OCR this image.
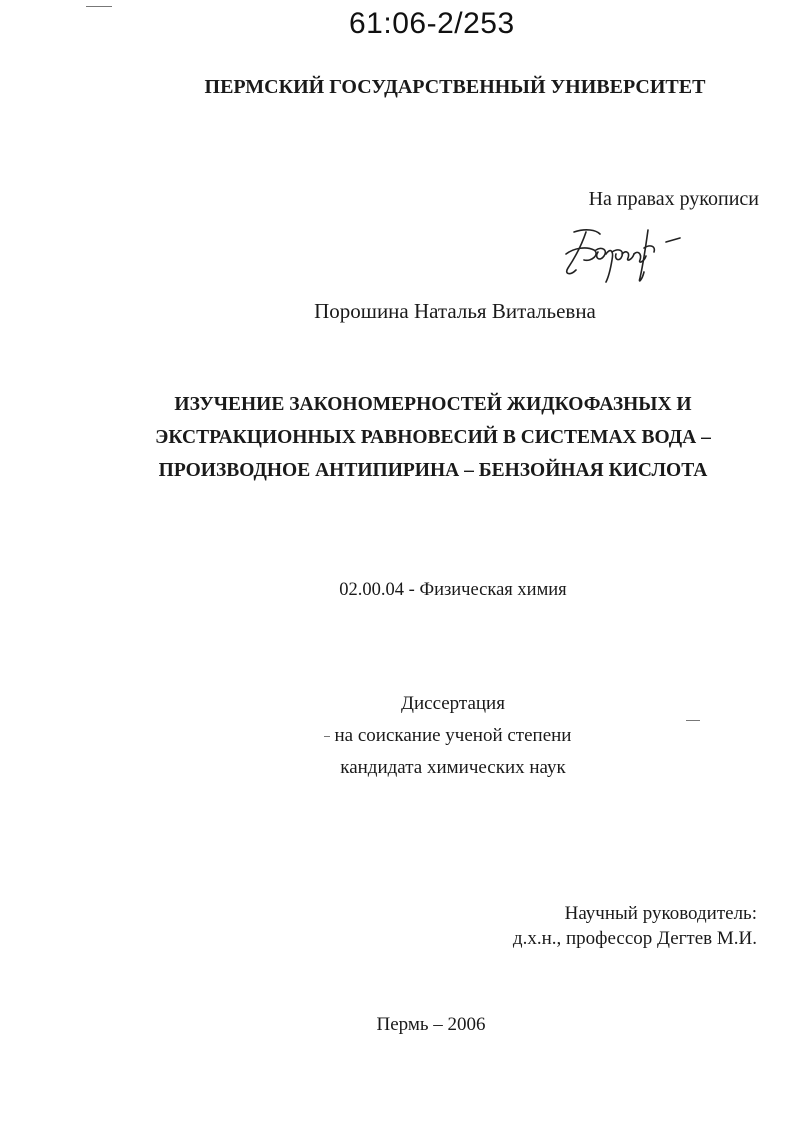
61:06-2/253
ПЕРМСКИЙ ГОСУДАРСТВЕННЫЙ УНИВЕРСИТЕТ
На правах рукописи
Порошина Наталья Витальевна
ИЗУЧЕНИЕ ЗАКОНОМЕРНОСТЕЙ ЖИДКОФАЗНЫХ И
ЭКСТРАКЦИОННЫХ РАВНОВЕСИЙ В СИСТЕМАХ ВОДА –
ПРОИЗВОДНОЕ АНТИПИРИНА – БЕНЗОЙНАЯ КИСЛОТА
02.00.04 - Физическая химия
Диссертация
на соискание ученой степени
кандидата химических наук
Научный руководитель:
д.х.н., профессор Дегтев М.И.
Пермь – 2006
